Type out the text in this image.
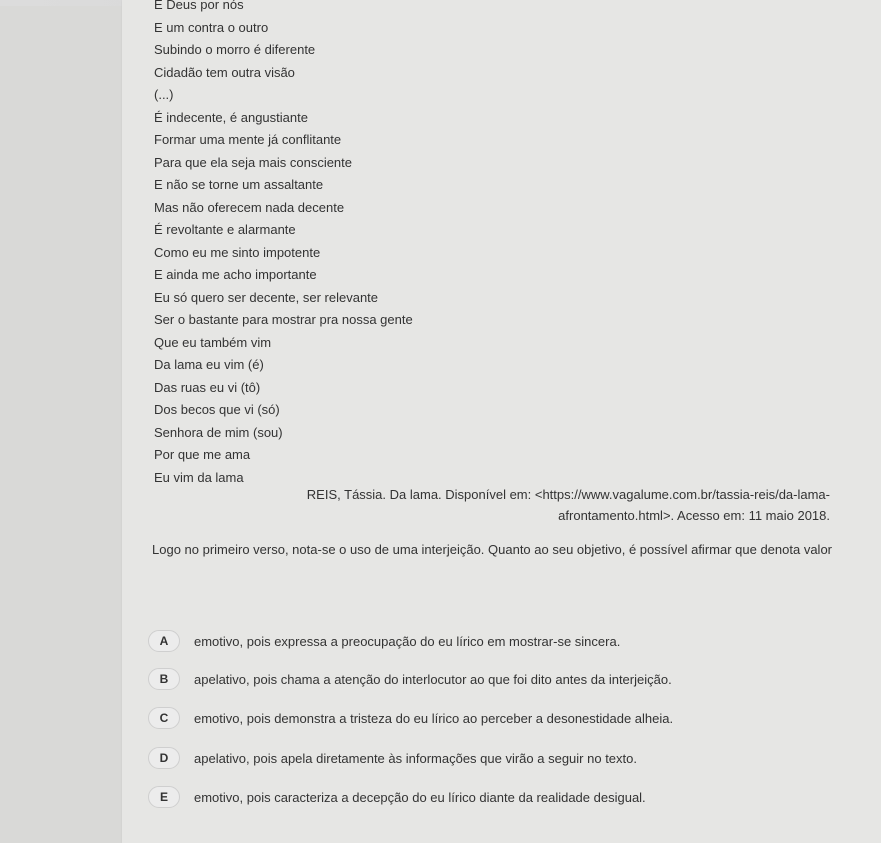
E Deus por nós
E um contra o outro
Subindo o morro é diferente
Cidadão tem outra visão
(...)
É indecente, é angustiante
Formar uma mente já conflitante
Para que ela seja mais consciente
E não se torne um assaltante
Mas não oferecem nada decente
É revoltante e alarmante
Como eu me sinto impotente
E ainda me acho importante
Eu só quero ser decente, ser relevante
Ser o bastante para mostrar pra nossa gente
Que eu também vim
Da lama eu vim (é)
Das ruas eu vi (tô)
Dos becos que vi (só)
Senhora de mim (sou)
Por que me ama
Eu vim da lama
REIS, Tássia. Da lama. Disponível em: <https://www.vagalume.com.br/tassia-reis/da-lama-
afrontamento.html>. Acesso em: 11 maio 2018.
Logo no primeiro verso, nota-se o uso de uma interjeição. Quanto ao seu objetivo, é possível afirmar que denota valor
A	emotivo, pois expressa a preocupação do eu lírico em mostrar-se sincera.
B	apelativo, pois chama a atenção do interlocutor ao que foi dito antes da interjeição.
C	emotivo, pois demonstra a tristeza do eu lírico ao perceber a desonestidade alheia.
D	apelativo, pois apela diretamente às informações que virão a seguir no texto.
E	emotivo, pois caracteriza a decepção do eu lírico diante da realidade desigual.
